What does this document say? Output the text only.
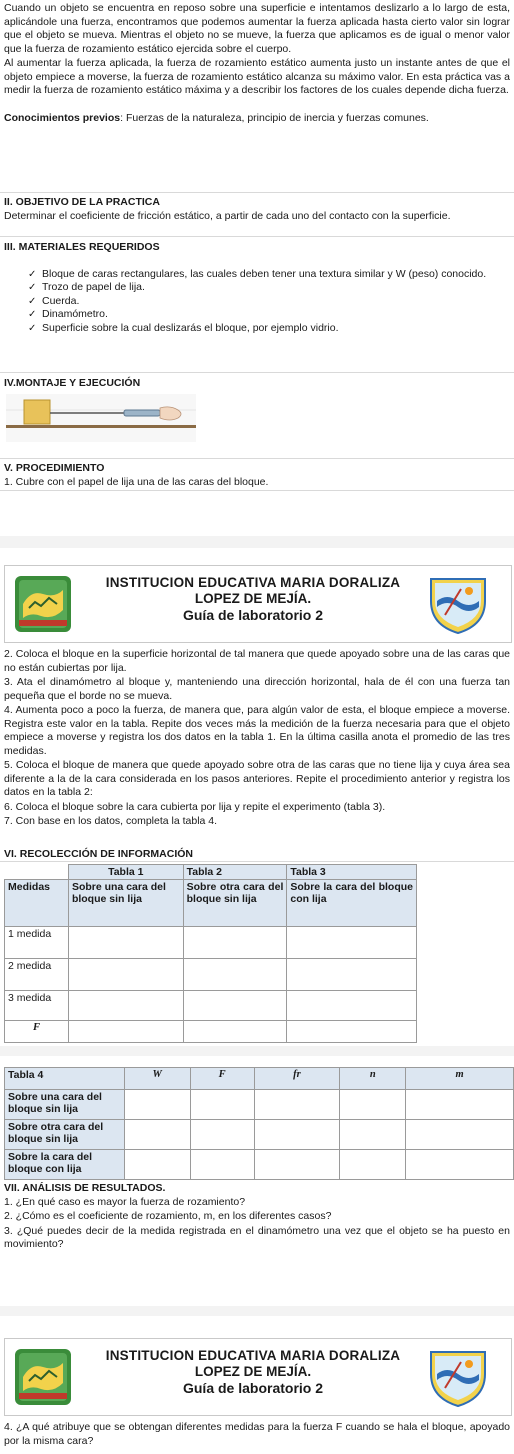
Cuando un objeto se encuentra en reposo sobre una superficie e intentamos deslizarlo a lo largo de esta, aplicándole una fuerza, encontramos que podemos aumentar la fuerza aplicada hasta cierto valor sin lograr que el objeto se mueva. Mientras el objeto no se mueve, la fuerza que aplicamos es de igual o menor valor que la fuerza de rozamiento estático ejercida sobre el cuerpo.

Al aumentar la fuerza aplicada, la fuerza de rozamiento estático aumenta justo un instante antes de que el objeto empiece a moverse, la fuerza de rozamiento estático alcanza su máximo valor. En esta práctica vas a medir la fuerza de rozamiento estático máxima y a describir los factores de los cuales depende dicha fuerza.

Conocimientos previos: Fuerzas de la naturaleza, principio de inercia y fuerzas comunes.

II. OBJETIVO DE LA PRACTICA

Determinar el coeficiente de fricción estático, a partir de cada uno del contacto con la superficie.

III. MATERIALES REQUERIDOS
✓ Bloque de caras rectangulares, las cuales deben tener una textura similar y W (peso) conocido.
✓ Trozo de papel de lija.
✓ Cuerda.
✓ Dinamómetro.
✓ Superficie sobre la cual deslizarás el bloque, por ejemplo vidrio.
IV.MONTAJE Y EJECUCIÓN
V. PROCEDIMIENTO

1. Cubre con el papel de lija una de las caras del bloque.

INSTITUCION EDUCATIVA MARIA DORALIZA
LOPEZ DE MEJÍA.
Guía de laboratorio 2

2. Coloca el bloque en la superficie horizontal de tal manera que quede apoyado sobre una de las caras que no están cubiertas por lija.

3. Ata el dinamómetro al bloque y, manteniendo una dirección horizontal, hala de él con una fuerza tan pequeña que el borde no se mueva.

4. Aumenta poco a poco la fuerza, de manera que, para algún valor de esta, el bloque empiece a moverse. Registra este valor en la tabla. Repite dos veces más la medición de la fuerza necesaria para que el objeto empiece a moverse y registra los dos datos en la tabla 1. En la última casilla anota el promedio de las tres medidas.

5. Coloca el bloque de manera que quede apoyado sobre otra de las caras que no tiene lija y cuya área sea diferente a la de la cara considerada en los pasos anteriores. Repite el procedimiento anterior y registra los datos en la tabla 2:

6. Coloca el bloque sobre la cara cubierta por lija y repite el experimento (tabla 3).

7. Con base en los datos, completa la tabla 4.

VI. RECOLECCIÓN DE INFORMACIÓN
	Tabla 1	Tabla 2	Tabla 3
Medidas	Sobre una cara del bloque sin lija	Sobre otra cara del bloque sin lija	Sobre la cara del bloque con lija
1 medida			
2 medida			
3 medida			
F			
Tabla 4	W	F	fr	n	m
Sobre una cara del bloque sin lija					
Sobre otra cara del bloque sin lija					
Sobre la cara del bloque con lija					
VII. ANÁLISIS DE RESULTADOS.

1. ¿En qué caso es mayor la fuerza de rozamiento?

2. ¿Cómo es el coeficiente de rozamiento, m, en los diferentes casos?

3. ¿Qué puedes decir de la medida registrada en el dinamómetro una vez que el objeto se ha puesto en movimiento?

INSTITUCION EDUCATIVA MARIA DORALIZA
LOPEZ DE MEJÍA.
Guía de laboratorio 2

4. ¿A qué atribuye que se obtengan diferentes medidas para la fuerza F cuando se hala el bloque, apoyado por la misma cara?
